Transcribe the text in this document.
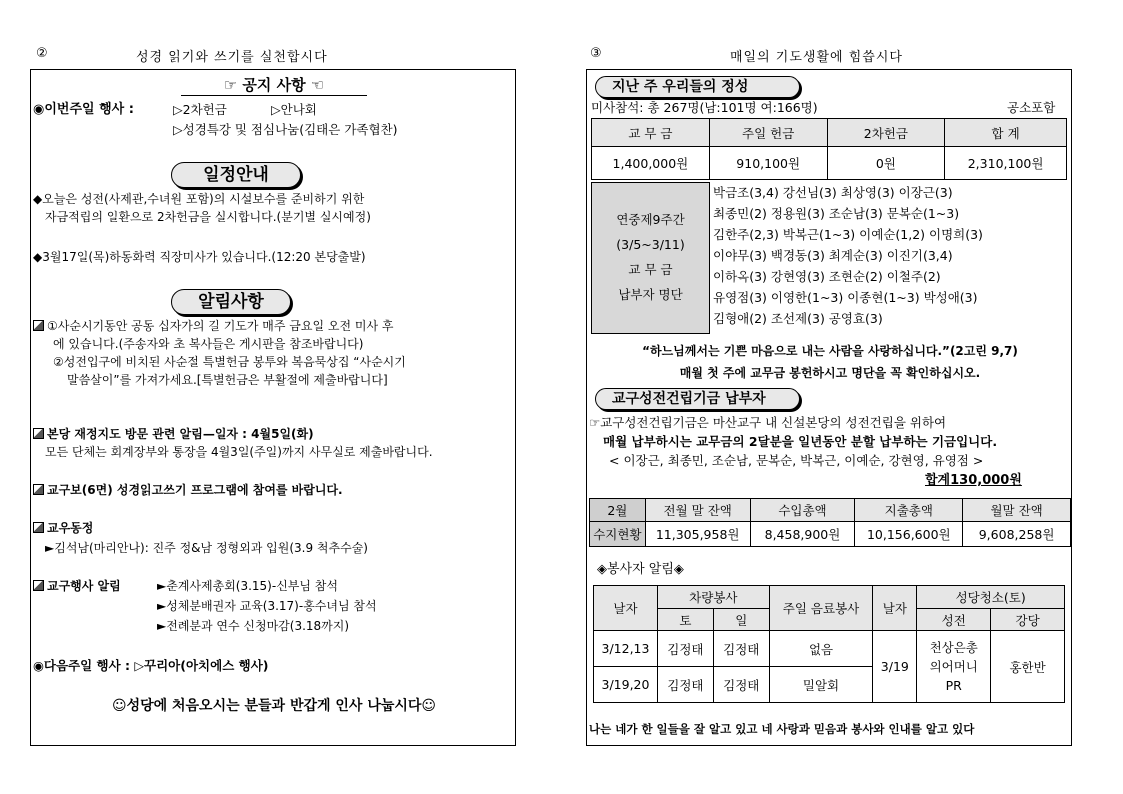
②	성경 읽기와 쓰기를 실천합시다
☞ 공지 사항 ☜
◉이번주일 행사 :	▷2차헌금	▷안나회
▷성경특강 및 점심나눔(김태은 가족협찬)
일정안내
◆오늘은 성전(사제관,수녀원 포함)의 시설보수를 준비하기 위한
자금적립의 일환으로 2차헌금을 실시합니다.(분기별 실시예정)
◆3월17일(목)하동화력 직장미사가 있습니다.(12:20 본당출발)
알림사항
①사순시기동안 공동 십자가의 길 기도가 매주 금요일 오전 미사 후
에 있습니다.(주송자와 초 복사들은 게시판을 참조바랍니다)
②성전입구에 비치된 사순절 특별헌금 봉투와 복음묵상집 “사순시기
말씀살이”를 가져가세요.[특별헌금은 부활절에 제출바랍니다]
본당 재정지도 방문 관련 알림—일자 : 4월5일(화)
모든 단체는 회계장부와 통장을 4월3일(주일)까지 사무실로 제출바랍니다.
교구보(6면) 성경읽고쓰기 프로그램에 참여를 바랍니다.
교우동정
►김석남(마리안나): 진주 정&남 정형외과 입원(3.9 척추수술)
교구행사 알림	►춘계사제총회(3.15)-신부님 참석
►성체분배권자 교육(3.17)-홍수녀님 참석
►전례분과 연수 신청마감(3.18까지)
◉다음주일 행사 : ▷꾸리아(아치에스 행사)
☺성당에 처음오시는 분들과 반갑게 인사 나눕시다☺
③	매일의 기도생활에 힘씁시다
지난 주 우리들의 정성
미사참석: 총 267명(남:101명 여:166명)	공소포함
교 무 금	주일 헌금	2차헌금	합 계
1,400,000원	910,100원	0원	2,310,100원
연중제9주간
(3/5~3/11)
교 무 금
납부자 명단
박금조(3,4) 강선님(3) 최상영(3) 이장근(3)
최종민(2) 정용원(3) 조순남(3) 문복순(1~3)
김한주(2,3) 박복근(1~3) 이예순(1,2) 이명희(3)
이야무(3) 백경동(3) 최계순(3) 이진기(3,4)
이하옥(3) 강현영(3) 조현순(2) 이철주(2)
유영점(3) 이영한(1~3) 이종현(1~3) 박성애(3)
김형애(2) 조선제(3) 공영효(3)
“하느님께서는 기쁜 마음으로 내는 사람을 사랑하십니다.”(2고린 9,7)
매월 첫 주에 교무금 봉헌하시고 명단을 꼭 확인하십시오.
교구성전건립기금 납부자
☞교구성전건립기금은 마산교구 내 신설본당의 성전건립을 위하여
매월 납부하시는 교무금의 2달분을 일년동안 분할 납부하는 기금입니다.
< 이장근, 최종민, 조순남, 문복순, 박복근, 이예순, 강현영, 유영점 >
합계130,000원
2월	전월 말 잔액	수입총액	지출총액	월말 잔액
수지현황	11,305,958원	8,458,900원	10,156,600원	9,608,258원
◈봉사자 알림◈
날자	차량봉사		주일 음료봉사	날자	성당청소(토)	
	토	일			성전	강당
3/12,13	김정태	김정태	없음	3/19	천상은총 의어머니 PR	홍한반
3/19,20	김정태	김정태	밀알회			
나는 네가 한 일들을 잘 알고 있고 네 사랑과 믿음과 봉사와 인내를 알고 있다
